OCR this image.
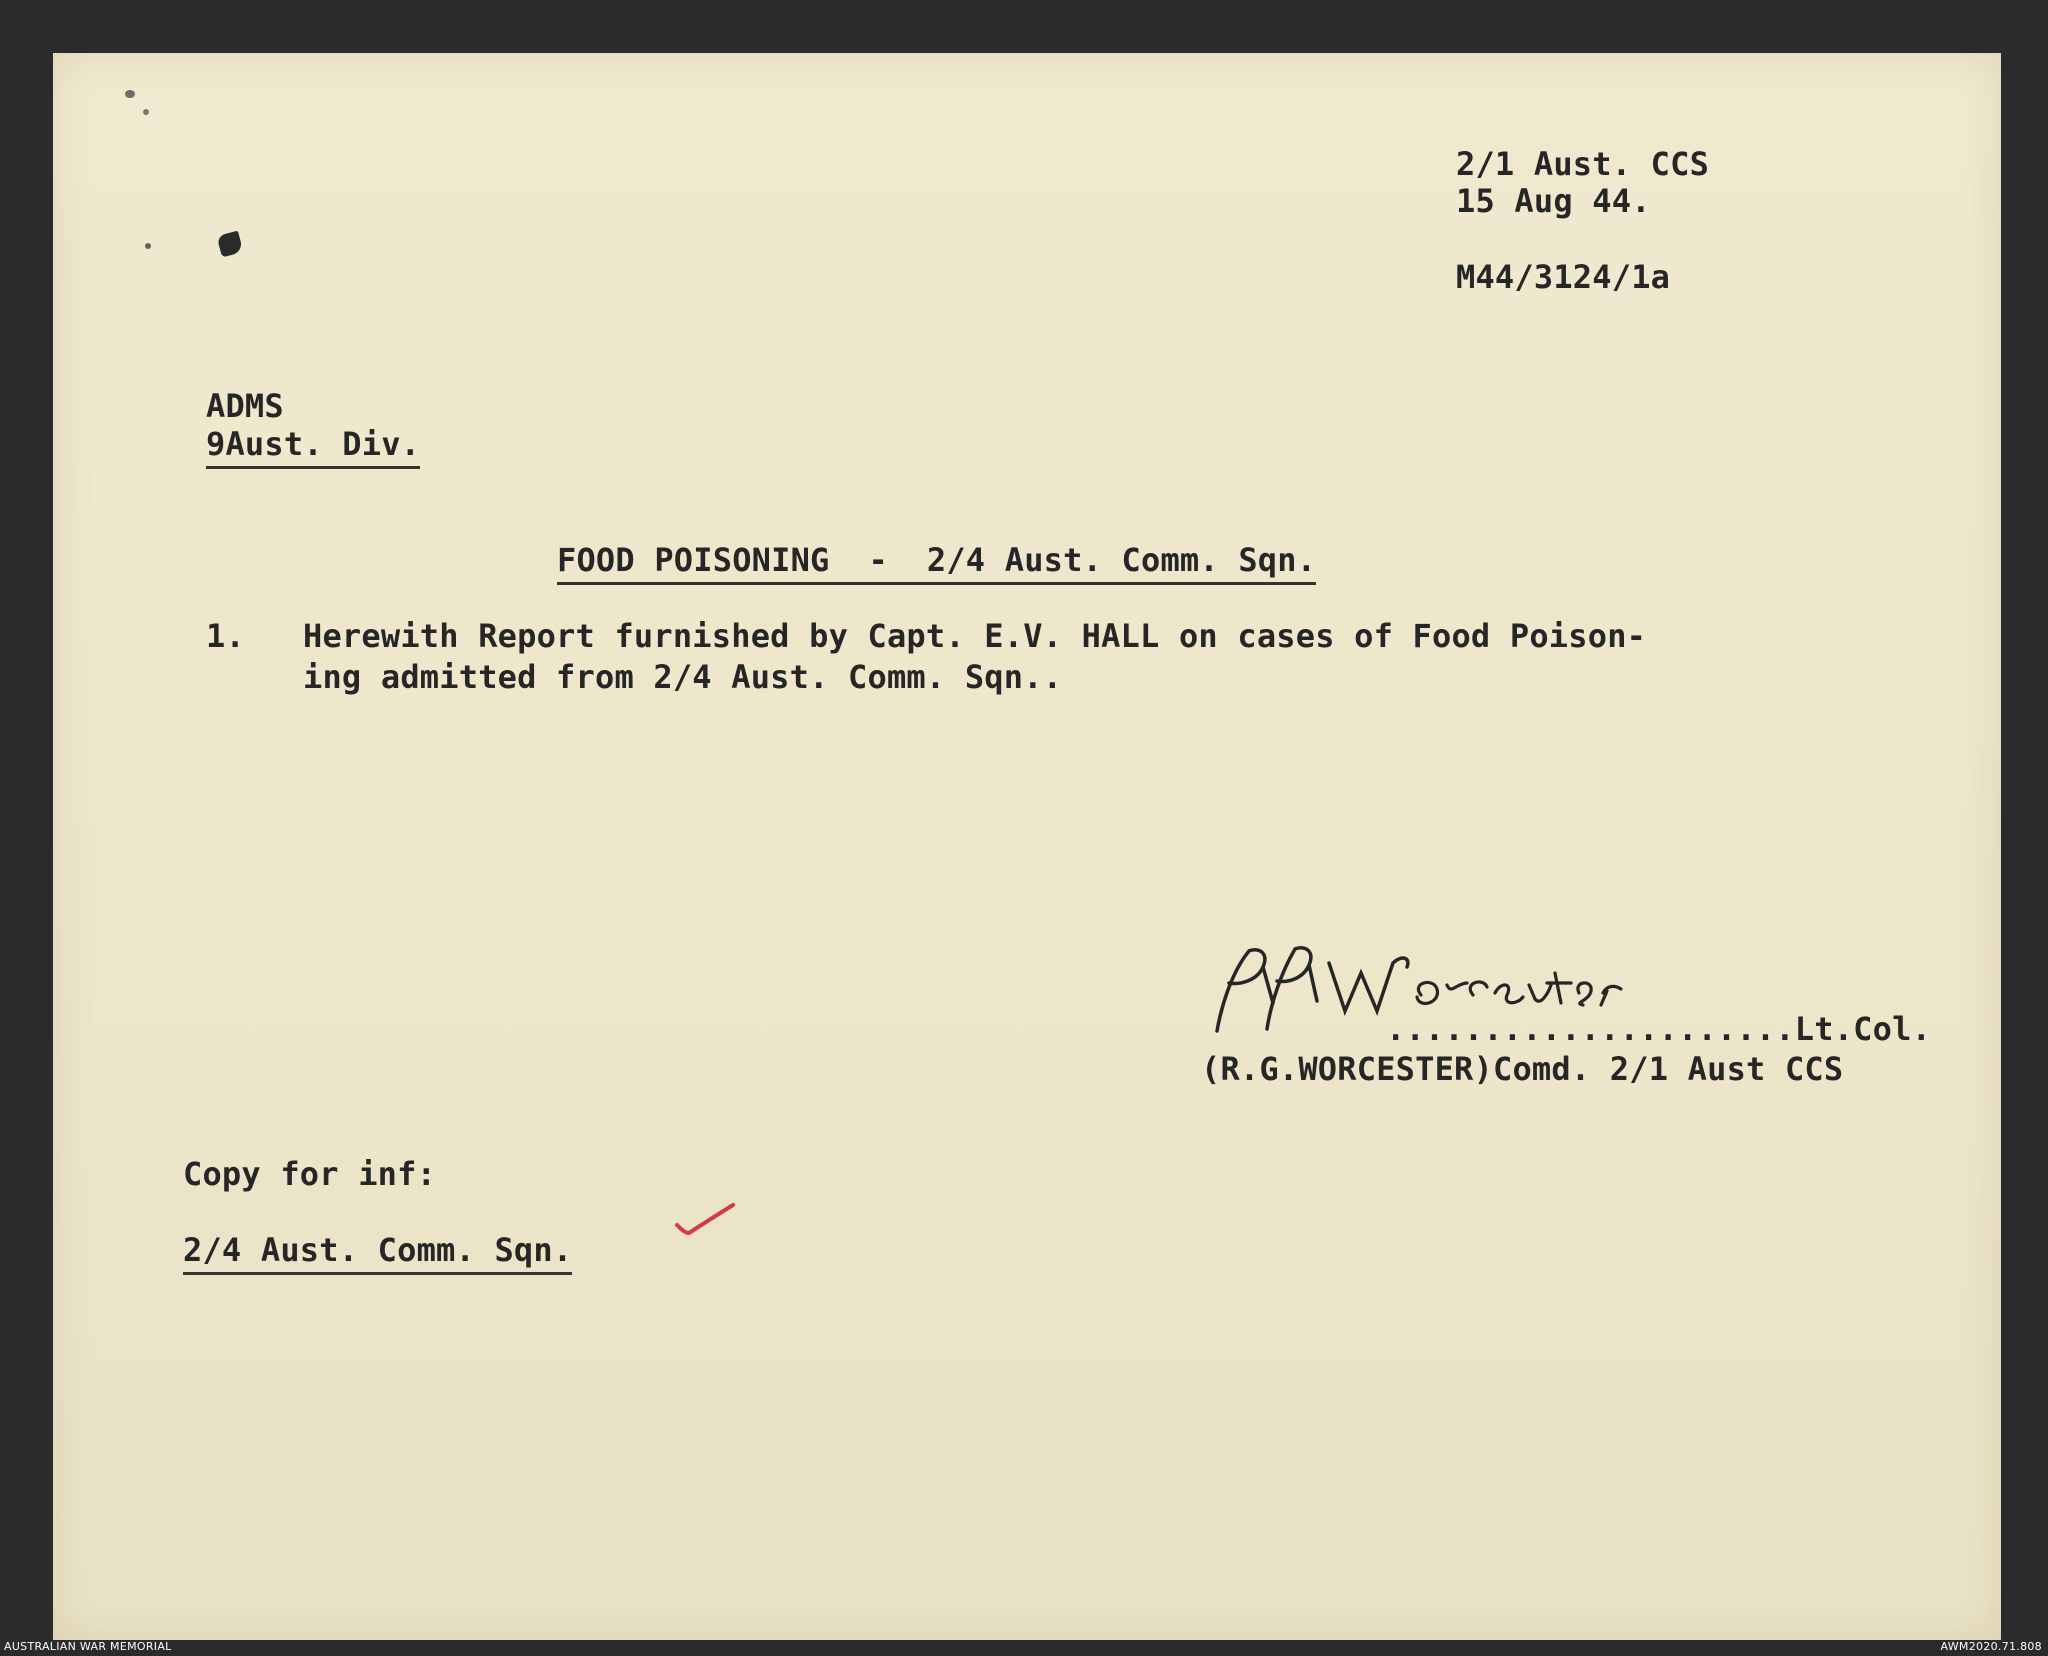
2/1 Aust. CCS
15 Aug 44.
M44/3124/1a
ADMS
9Aust. Div.
FOOD POISONING - 2/4 Aust. Comm. Sqn.
1. Herewith Report furnished by Capt. E.V. HALL on cases of Food Poison-
ing admitted from 2/4 Aust. Comm. Sqn..
.....................Lt.Col.
(R.G.WORCESTER)Comd. 2/1 Aust CCS
Copy for inf:
2/4 Aust. Comm. Sqn.
AUSTRALIAN WAR MEMORIAL	AWM2020.71.808
